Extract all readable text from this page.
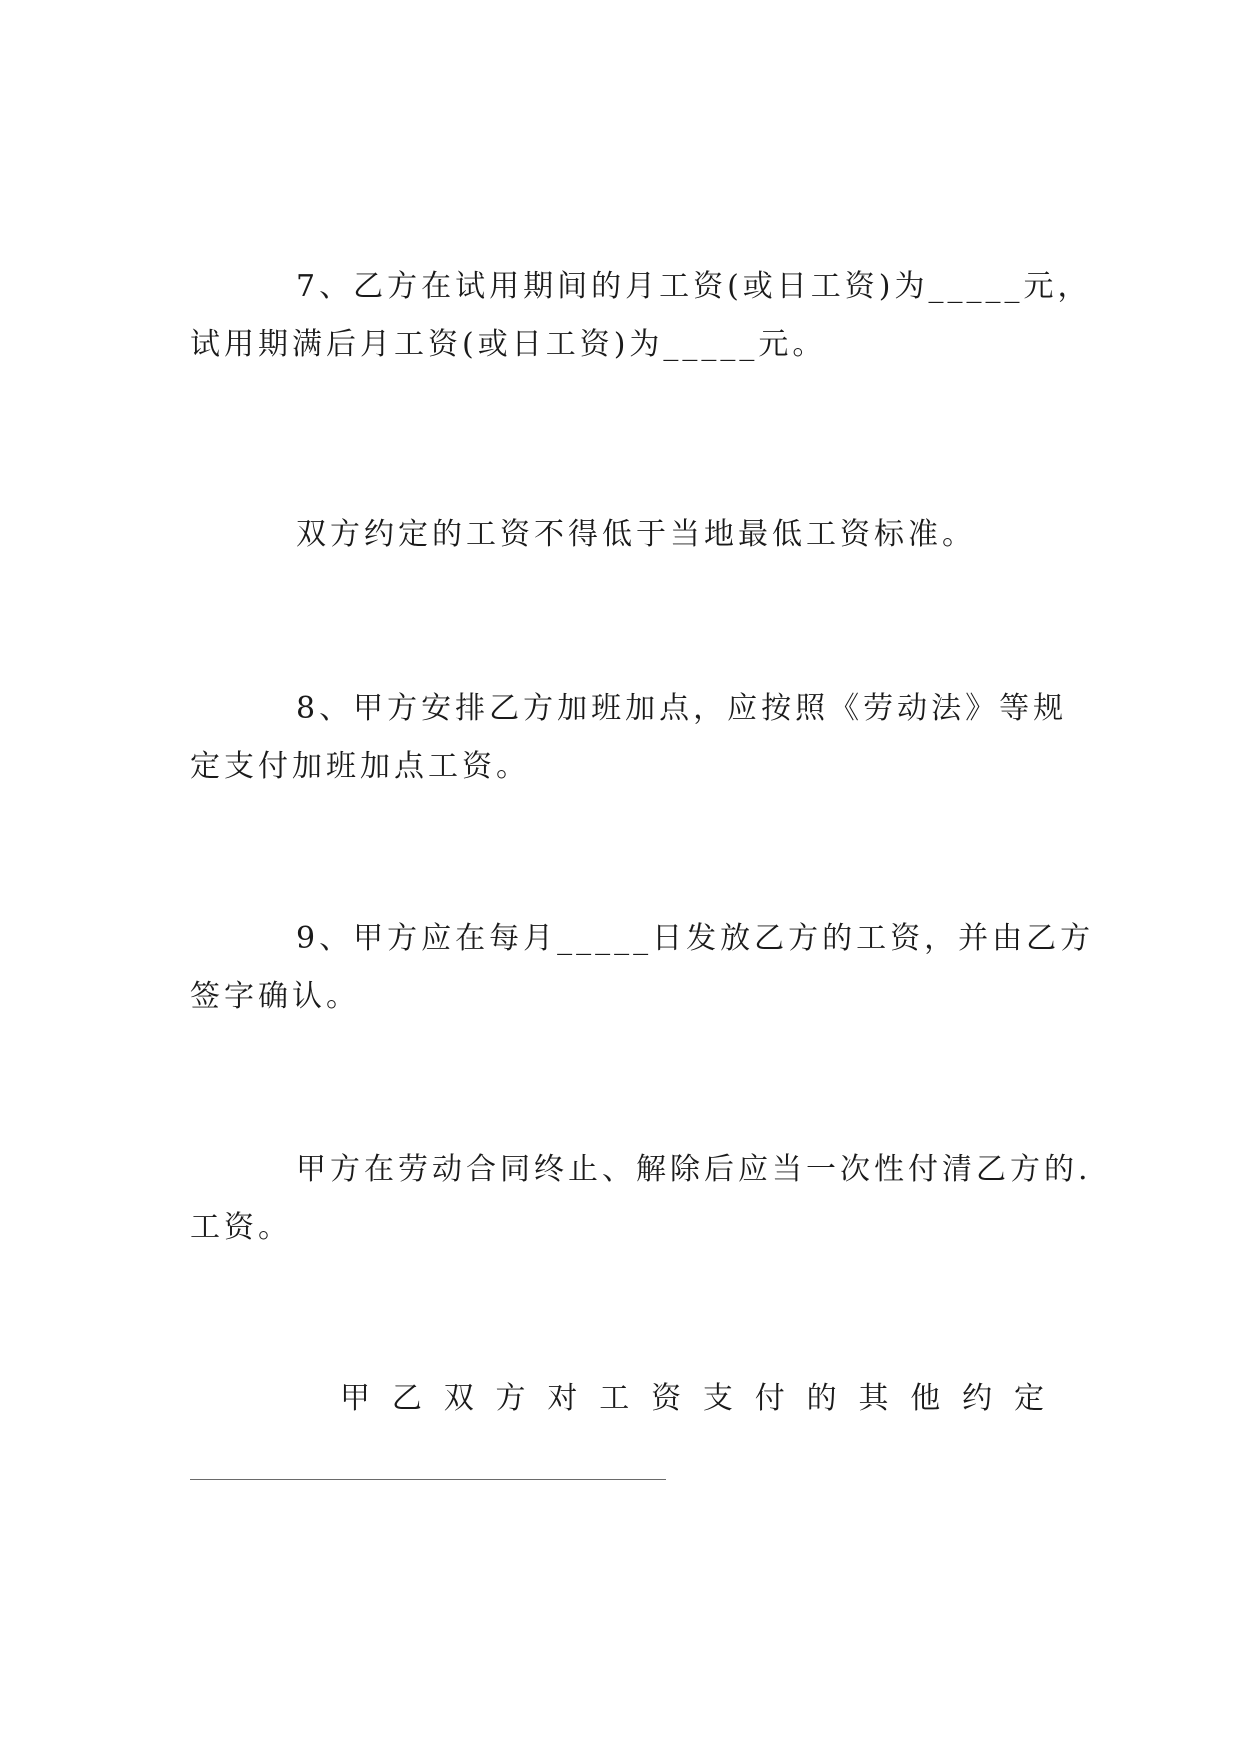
7、乙方在试用期间的月工资(或日工资)为_____元，
试用期满后月工资(或日工资)为_____元。
双方约定的工资不得低于当地最低工资标准。
8、甲方安排乙方加班加点，应按照《劳动法》等规
定支付加班加点工资。
9、甲方应在每月_____日发放乙方的工资，并由乙方
签字确认。
甲方在劳动合同终止、解除后应当一次性付清乙方的.
工资。
甲 乙 双 方 对 工 资 支 付 的 其 他 约 定
